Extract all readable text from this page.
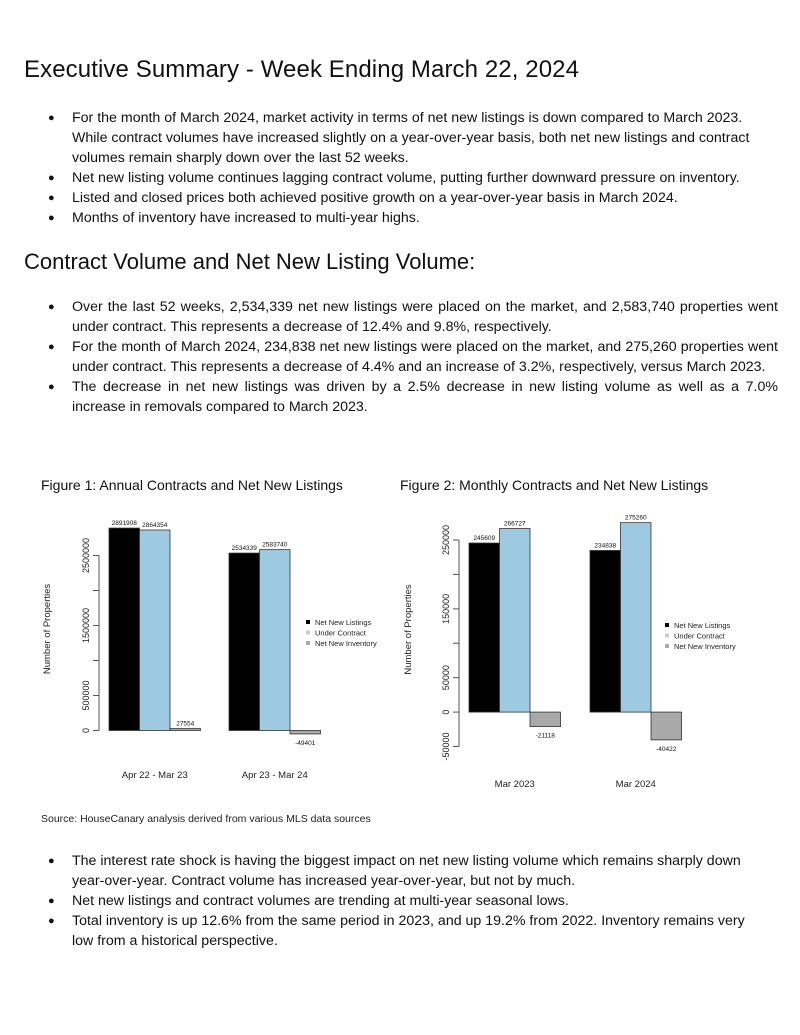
Executive Summary - Week Ending March 22, 2024
● For the month of March 2024, market activity in terms of net new listings is down compared to March 2023. While contract volumes have increased slightly on a year-over-year basis, both net new listings and contract volumes remain sharply down over the last 52 weeks.
● Net new listing volume continues lagging contract volume, putting further downward pressure on inventory.
● Listed and closed prices both achieved positive growth on a year-over-year basis in March 2024.
● Months of inventory have increased to multi-year highs.
Contract Volume and Net New Listing Volume:
● Over the last 52 weeks, 2,534,339 net new listings were placed on the market, and 2,583,740 properties went under contract. This represents a decrease of 12.4% and 9.8%, respectively.
● For the month of March 2024, 234,838 net new listings were placed on the market, and 275,260 properties went under contract. This represents a decrease of 4.4% and an increase of 3.2%, respectively, versus March 2023.
● The decrease in net new listings was driven by a 2.5% decrease in new listing volume as well as a 7.0% increase in removals compared to March 2023.
Figure 1: Annual Contracts and Net New Listings	Figure 2: Monthly Contracts and Net New Listings
0
500000
1500000
2500000
Number of Properties
2891908 2864354
27554
Apr 22 - Mar 23
2534339 2583740
-49401
Apr 23 - Mar 24
Net New Listings
Under Contract
Net New Inventory
-50000
0
50000
150000
250000
Number of Properties
245609
266727
-21118
Mar 2023
234838
275260
-40422
Mar 2024
Net New Listings
Under Contract
Net New Inventory
Source: HouseCanary analysis derived from various MLS data sources
● The interest rate shock is having the biggest impact on net new listing volume which remains sharply down year-over-year. Contract volume has increased year-over-year, but not by much.
● Net new listings and contract volumes are trending at multi-year seasonal lows.
● Total inventory is up 12.6% from the same period in 2023, and up 19.2% from 2022. Inventory remains very low from a historical perspective.
